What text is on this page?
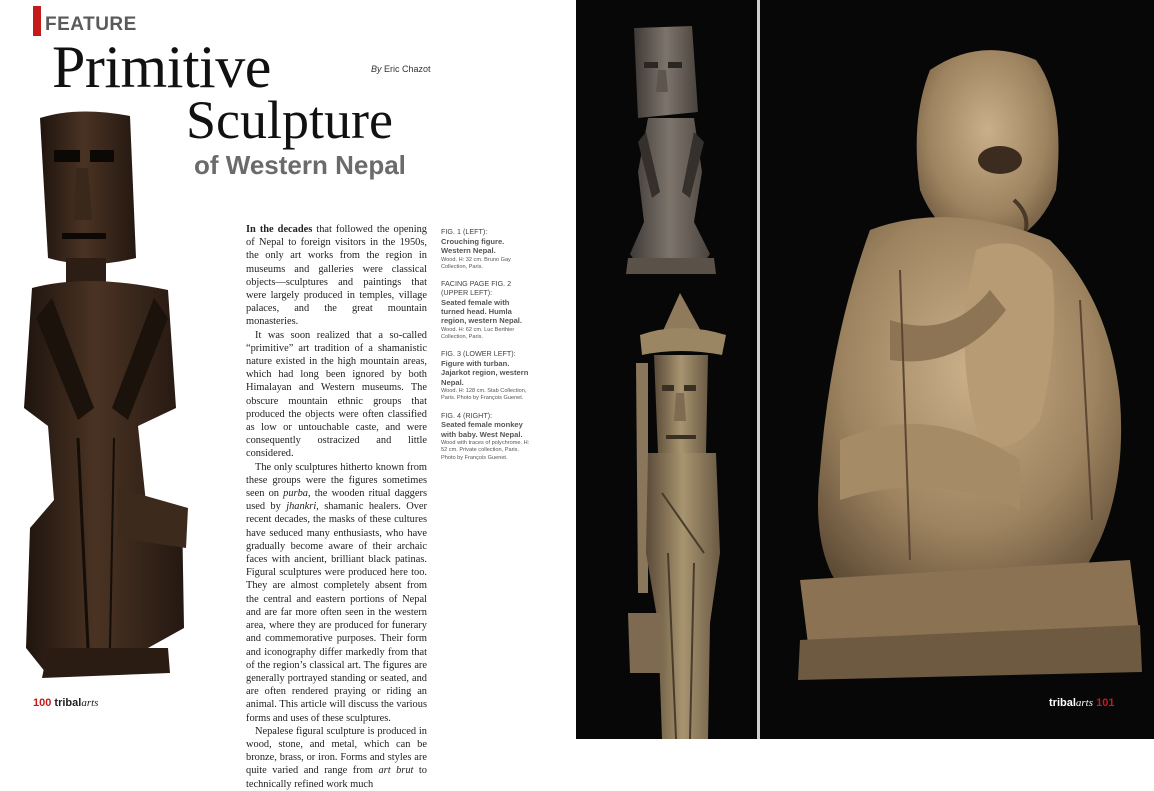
FEATURE
Primitive
Sculpture
of Western Nepal
By Eric Chazot

In the decades that followed the opening of Nepal to foreign visitors in the 1950s, the only art works from the region in museums and galleries were classical objects—sculptures and paintings that were largely produced in temples, village palaces, and the great mountain monasteries.

It was soon realized that a so-called “primitive” art tradition of a shamanistic nature existed in the high mountain areas, which had long been ignored by both Himalayan and Western museums. The obscure mountain ethnic groups that produced the objects were often classified as low or untouchable caste, and were consequently ostracized and little considered.

The only sculptures hitherto known from these groups were the figures sometimes seen on purba, the wooden ritual daggers used by jhankri, shamanic healers. Over recent decades, the masks of these cultures have seduced many enthusiasts, who have gradually become aware of their archaic faces with ancient, brilliant black patinas. Figural sculptures were produced here too. They are almost completely absent from the central and eastern portions of Nepal and are far more often seen in the western area, where they are produced for funerary and commemorative purposes. Their form and iconography differ markedly from that of the region’s classical art. The figures are generally portrayed standing or seated, and are often rendered praying or riding an animal. This article will discuss the various forms and uses of these sculptures.

Nepalese figural sculpture is produced in wood, stone, and metal, which can be bronze, brass, or iron. Forms and styles are quite varied and range from art brut to technically refined work much

FIG. 1 (LEFT):
Crouching figure. Western Nepal.
Wood. H: 32 cm. Bruno Gay Collection, Paris.
FACING PAGE FIG. 2 (UPPER LEFT):
Seated female with turned head. Humla region, western Nepal.
Wood. H: 62 cm. Luc Berthier Collection, Paris.
FIG. 3 (LOWER LEFT):
Figure with turban. Jajarkot region, western Nepal.
Wood. H: 128 cm. Stab Collection, Paris. Photo by François Guenet.
FIG. 4 (RIGHT):
Seated female monkey with baby. West Nepal.
Wood with traces of polychrome. H: 52 cm. Private collection, Paris. Photo by François Guenet.
100 tribalarts	tribalarts 101
